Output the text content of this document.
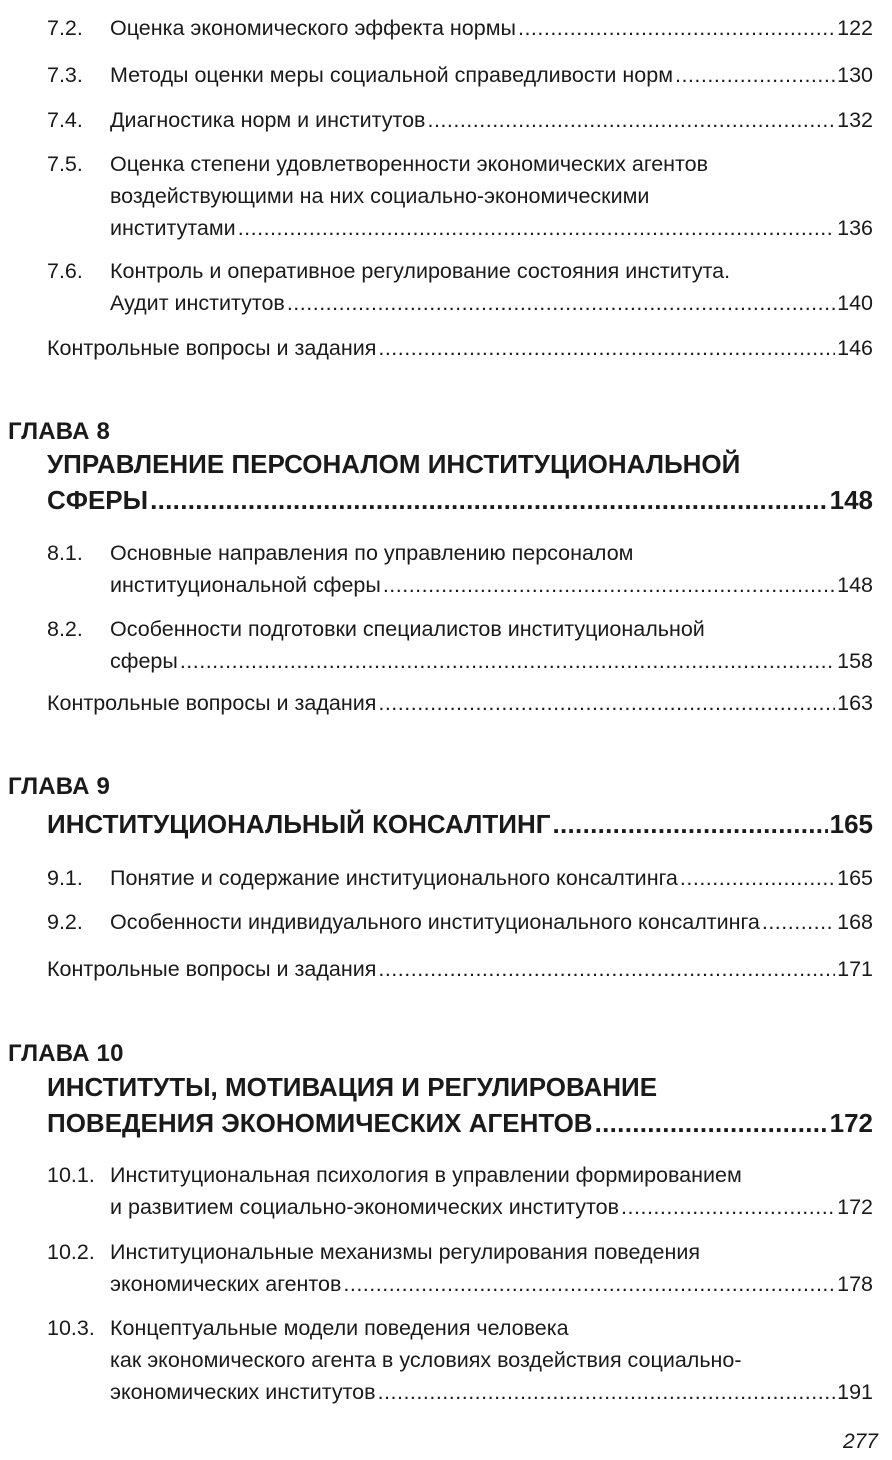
7.2. Оценка экономического эффекта нормы .....	122
7.3. Методы оценки меры социальной справедливости норм .....	130
7.4. Диагностика норм и институтов .....	132
7.5. Оценка степени удовлетворенности экономических агентов
воздействующими на них социально-экономическими
институтами .....	136
7.6. Контроль и оперативное регулирование состояния института.
Аудит институтов .....	140
Контрольные вопросы и задания .....	146
ГЛАВА 8
УПРАВЛЕНИЕ ПЕРСОНАЛОМ ИНСТИТУЦИОНАЛЬНОЙ
СФЕРЫ .....	148
8.1. Основные направления по управлению персоналом
институциональной сферы .....	148
8.2. Особенности подготовки специалистов институциональной
сферы .....	158
Контрольные вопросы и задания .....	163
ГЛАВА 9
ИНСТИТУЦИОНАЛЬНЫЙ КОНСАЛТИНГ .....	165
9.1. Понятие и содержание институционального консалтинга .....	165
9.2. Особенности индивидуального институционального консалтинга .....	168
Контрольные вопросы и задания .....	171
ГЛАВА 10
ИНСТИТУТЫ, МОТИВАЦИЯ И РЕГУЛИРОВАНИЕ
ПОВЕДЕНИЯ ЭКОНОМИЧЕСКИХ АГЕНТОВ .....	172
10.1. Институциональная психология в управлении формированием
и развитием социально-экономических институтов .....	172
10.2. Институциональные механизмы регулирования поведения
экономических агентов .....	178
10.3. Концептуальные модели поведения человека
как экономического агента в условиях воздействия социально-
экономических институтов .....	191
277
